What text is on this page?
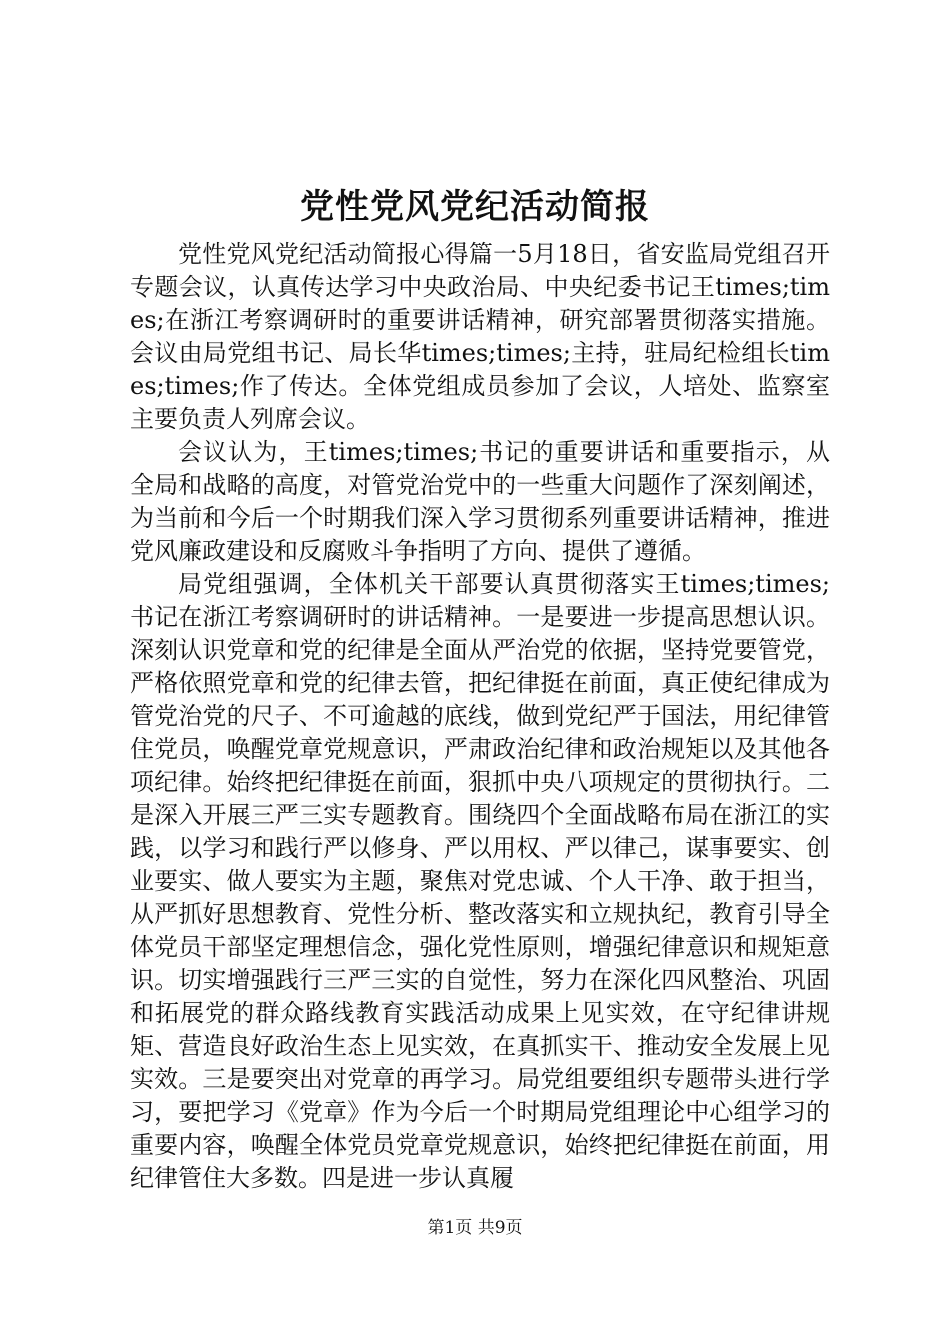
党性党风党纪活动简报

党性党风党纪活动简报心得篇一5月18日，省安监局党组召开专题会议，认真传达学习中央政治局、中央纪委书记王times;times;在浙江考察调研时的重要讲话精神，研究部署贯彻落实措施。会议由局党组书记、局长华times;times;主持，驻局纪检组长times;times;作了传达。全体党组成员参加了会议，人培处、监察室主要负责人列席会议。

会议认为，王times;times;书记的重要讲话和重要指示，从全局和战略的高度，对管党治党中的一些重大问题作了深刻阐述，为当前和今后一个时期我们深入学习贯彻系列重要讲话精神，推进党风廉政建设和反腐败斗争指明了方向、提供了遵循。

局党组强调，全体机关干部要认真贯彻落实王times;times;书记在浙江考察调研时的讲话精神。一是要进一步提高思想认识。深刻认识党章和党的纪律是全面从严治党的依据，坚持党要管党，严格依照党章和党的纪律去管，把纪律挺在前面，真正使纪律成为管党治党的尺子、不可逾越的底线，做到党纪严于国法，用纪律管住党员，唤醒党章党规意识，严肃政治纪律和政治规矩以及其他各项纪律。始终把纪律挺在前面，狠抓中央八项规定的贯彻执行。二是深入开展三严三实专题教育。围绕四个全面战略布局在浙江的实践，以学习和践行严以修身、严以用权、严以律己，谋事要实、创业要实、做人要实为主题，聚焦对党忠诚、个人干净、敢于担当，从严抓好思想教育、党性分析、整改落实和立规执纪，教育引导全体党员干部坚定理想信念，强化党性原则，增强纪律意识和规矩意识。切实增强践行三严三实的自觉性，努力在深化四风整治、巩固和拓展党的群众路线教育实践活动成果上见实效，在守纪律讲规矩、营造良好政治生态上见实效，在真抓实干、推动安全发展上见实效。三是要突出对党章的再学习。局党组要组织专题带头进行学习，要把学习《党章》作为今后一个时期局党组理论中心组学习的重要内容，唤醒全体党员党章党规意识，始终把纪律挺在前面，用纪律管住大多数。四是进一步认真履

第1页 共9页
